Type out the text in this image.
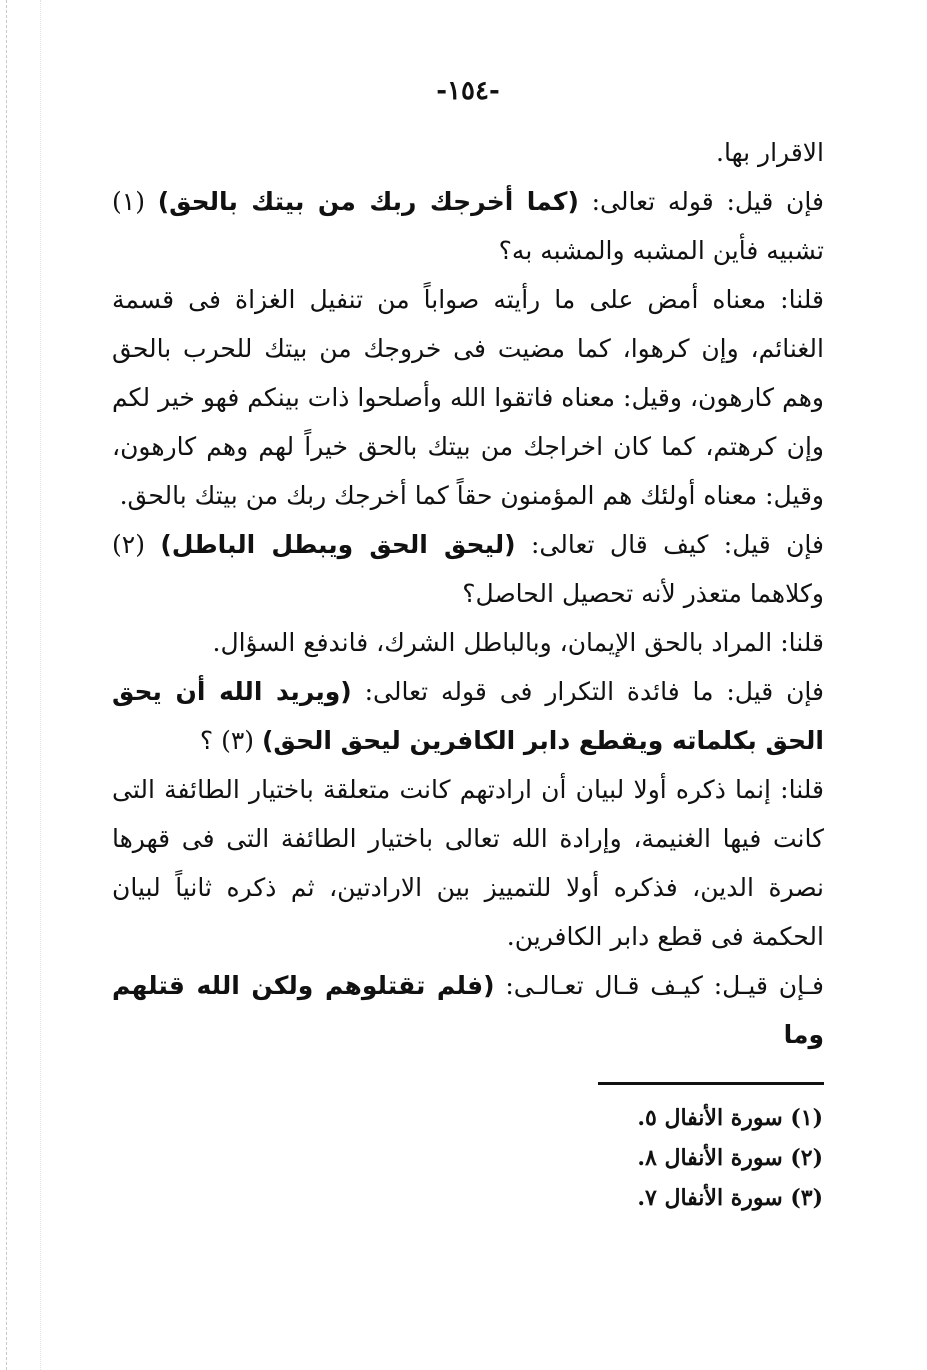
-١٥٤-

الاقرار بها.

فإن قيل: قوله تعالى: (كما أخرجك ربك من بيتك بالحق) (١) تشبيه فأين المشبه والمشبه به؟

قلنا: معناه أمض على ما رأيته صواباً من تنفيل الغزاة فى قسمة الغنائم، وإن كرهوا، كما مضيت فى خروجك من بيتك للحرب بالحق وهم كارهون، وقيل: معناه فاتقوا الله وأصلحوا ذات بينكم فهو خير لكم وإن كرهتم، كما كان اخراجك من بيتك بالحق خيراً لهم وهم كارهون، وقيل: معناه أولئك هم المؤمنون حقاً كما أخرجك ربك من بيتك بالحق.

فإن قيل: كيف قال تعالى: (ليحق الحق ويبطل الباطل) (٢) وكلاهما متعذر لأنه تحصيل الحاصل؟

قلنا: المراد بالحق الإيمان، وبالباطل الشرك، فاندفع السؤال.

فإن قيل: ما فائدة التكرار فى قوله تعالى: (ويريد الله أن يحق الحق بكلماته ويقطع دابر الكافرين ليحق الحق) (٣) ؟

قلنا: إنما ذكره أولا لبيان أن ارادتهم كانت متعلقة باختيار الطائفة التى كانت فيها الغنيمة، وإرادة الله تعالى باختيار الطائفة التى فى قهرها نصرة الدين، فذكره أولا للتمييز بين الارادتين، ثم ذكره ثانياً لبيان الحكمة فى قطع دابر الكافرين.

فـإن قيـل: كيـف قـال تعـالـى: (فلم تقتلوهم ولكن الله قتلهم وما

(١) سورة الأنفال ٥.
(٢) سورة الأنفال ٨.
(٣) سورة الأنفال ٧.
